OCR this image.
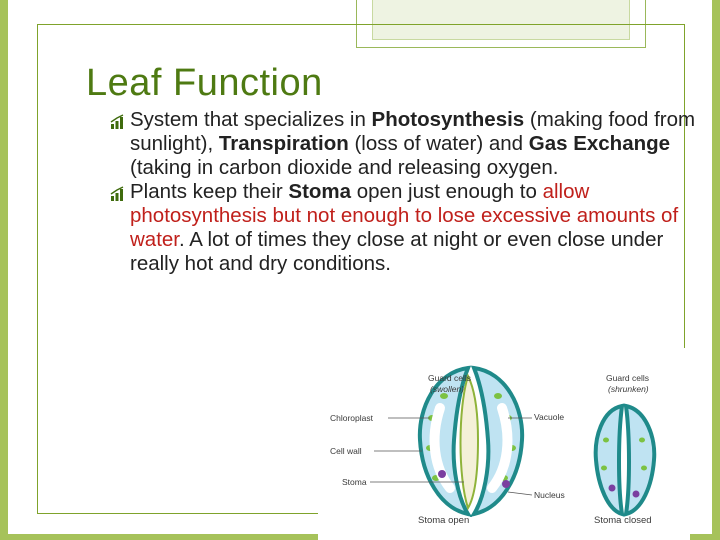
Leaf Function
System that specializes in Photosynthesis (making food from sunlight), Transpiration (loss of water) and Gas Exchange (taking in carbon dioxide and releasing oxygen.
Plants keep their Stoma open just enough to allow photosynthesis but not enough to lose excessive amounts of water. A lot of times they close at night or even close under really hot and dry conditions.
Guard cells
(swollen)
Guard cells
(shrunken)
Chloroplast
Cell wall
Stoma
Vacuole
Nucleus
Stoma open	Stoma closed
